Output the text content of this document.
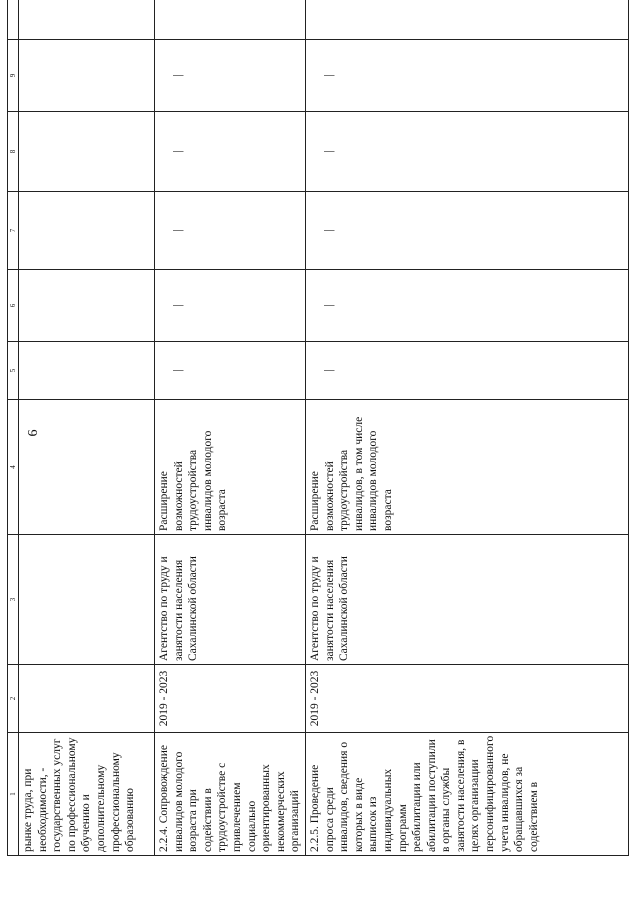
6
1	2	3	4	5	6	7	8	9	
рынке труда, при необходимости, - государственных услуг по профессиональному обучению и дополнительному профессиональному образованию									
2.2.4. Сопровождение инвалидов молодого возраста при содействии в трудоустройстве с привлечением социально ориентированных некоммерческих организаций	2019 - 2023	Агентство по труду и занятости населения Сахалинской области	Расширение возможностей трудоустройства инвалидов молодого возраста	|	|	|	|	|

2.2.5. Проведение опроса среди инвалидов, сведения о которых в виде выписок из индивидуальных программ реабилитации или абилитации поступили в органы службы занятости населения, в целях организации персонифицированного учета инвалидов, не обращавшихся за содействием в	2019 - 2023	Агентство по труду и занятости населения Сахалинской области	Расширение возможностей трудоустройства инвалидов, в том числе инвалидов молодого возраста	|	|	|	|	|
